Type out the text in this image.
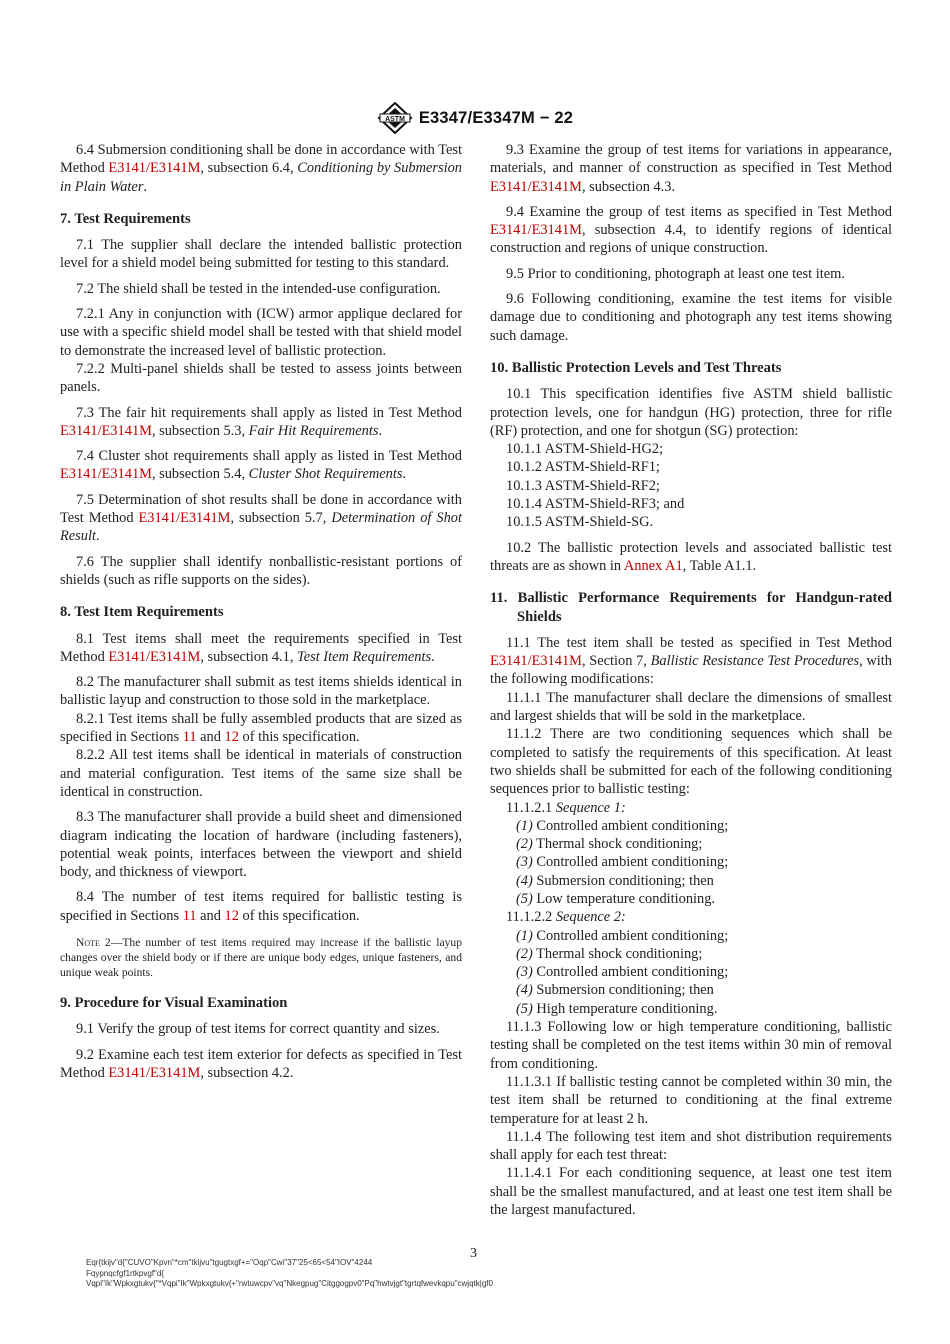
ASTM E3347/E3347M − 22

6.4 Submersion conditioning shall be done in accordance with Test Method E3141/E3141M, subsection 6.4, Conditioning by Submersion in Plain Water.

7. Test Requirements

7.1 The supplier shall declare the intended ballistic protection level for a shield model being submitted for testing to this standard.

7.2 The shield shall be tested in the intended-use configuration.

7.2.1 Any in conjunction with (ICW) armor applique declared for use with a specific shield model shall be tested with that shield model to demonstrate the increased level of ballistic protection.

7.2.2 Multi-panel shields shall be tested to assess joints between panels.

7.3 The fair hit requirements shall apply as listed in Test Method E3141/E3141M, subsection 5.3, Fair Hit Requirements.

7.4 Cluster shot requirements shall apply as listed in Test Method E3141/E3141M, subsection 5.4, Cluster Shot Requirements.

7.5 Determination of shot results shall be done in accordance with Test Method E3141/E3141M, subsection 5.7, Determination of Shot Result.

7.6 The supplier shall identify nonballistic-resistant portions of shields (such as rifle supports on the sides).

8. Test Item Requirements

8.1 Test items shall meet the requirements specified in Test Method E3141/E3141M, subsection 4.1, Test Item Requirements.

8.2 The manufacturer shall submit as test items shields identical in ballistic layup and construction to those sold in the marketplace.

8.2.1 Test items shall be fully assembled products that are sized as specified in Sections 11 and 12 of this specification.

8.2.2 All test items shall be identical in materials of construction and material configuration. Test items of the same size shall be identical in construction.

8.3 The manufacturer shall provide a build sheet and dimensioned diagram indicating the location of hardware (including fasteners), potential weak points, interfaces between the viewport and shield body, and thickness of viewport.

8.4 The number of test items required for ballistic testing is specified in Sections 11 and 12 of this specification.

Note 2—The number of test items required may increase if the ballistic layup changes over the shield body or if there are unique body edges, unique fasteners, and unique weak points.

9. Procedure for Visual Examination

9.1 Verify the group of test items for correct quantity and sizes.

9.2 Examine each test item exterior for defects as specified in Test Method E3141/E3141M, subsection 4.2.

9.3 Examine the group of test items for variations in appearance, materials, and manner of construction as specified in Test Method E3141/E3141M, subsection 4.3.

9.4 Examine the group of test items as specified in Test Method E3141/E3141M, subsection 4.4, to identify regions of identical construction and regions of unique construction.

9.5 Prior to conditioning, photograph at least one test item.

9.6 Following conditioning, examine the test items for visible damage due to conditioning and photograph any test items showing such damage.

10. Ballistic Protection Levels and Test Threats

10.1 This specification identifies five ASTM shield ballistic protection levels, one for handgun (HG) protection, three for rifle (RF) protection, and one for shotgun (SG) protection:

10.1.1 ASTM-Shield-HG2;

10.1.2 ASTM-Shield-RF1;

10.1.3 ASTM-Shield-RF2;

10.1.4 ASTM-Shield-RF3; and

10.1.5 ASTM-Shield-SG.

10.2 The ballistic protection levels and associated ballistic test threats are as shown in Annex A1, Table A1.1.

11. Ballistic Performance Requirements for Handgun-rated Shields

11.1 The test item shall be tested as specified in Test Method E3141/E3141M, Section 7, Ballistic Resistance Test Procedures, with the following modifications:

11.1.1 The manufacturer shall declare the dimensions of smallest and largest shields that will be sold in the marketplace.

11.1.2 There are two conditioning sequences which shall be completed to satisfy the requirements of this specification. At least two shields shall be submitted for each of the following conditioning sequences prior to ballistic testing:

11.1.2.1 Sequence 1:

(1) Controlled ambient conditioning;

(2) Thermal shock conditioning;

(3) Controlled ambient conditioning;

(4) Submersion conditioning; then

(5) Low temperature conditioning.

11.1.2.2 Sequence 2:

(1) Controlled ambient conditioning;

(2) Thermal shock conditioning;

(3) Controlled ambient conditioning;

(4) Submersion conditioning; then

(5) High temperature conditioning.

11.1.3 Following low or high temperature conditioning, ballistic testing shall be completed on the test items within 30 min of removal from conditioning.

11.1.3.1 If ballistic testing cannot be completed within 30 min, the test item shall be returned to conditioning at the final extreme temperature for at least 2 h.

11.1.4 The following test item and shot distribution requirements shall apply for each test threat:

11.1.4.1 For each conditioning sequence, at least one test item shall be the smallest manufactured, and at least one test item shall be the largest manufactured.

3
Eqr{tkijv"d{"CUVO"Kpvn"*cm"tkijvu"tgugtxgf+="Oqp"Cwi"37"25<65<54"IOV"4244
Fqypnqcfgf1rtkpvgf"d{
Vqpi"Ik"Wpkxgtukv{"*Vqpi"Ik"Wpkxgtukv{+"rwtuwcpv"vq"Nkegpug"Citggogpv0"Pq"hwtvjgt"tgrtqfwevkqpu"cwjqtk|gf0
